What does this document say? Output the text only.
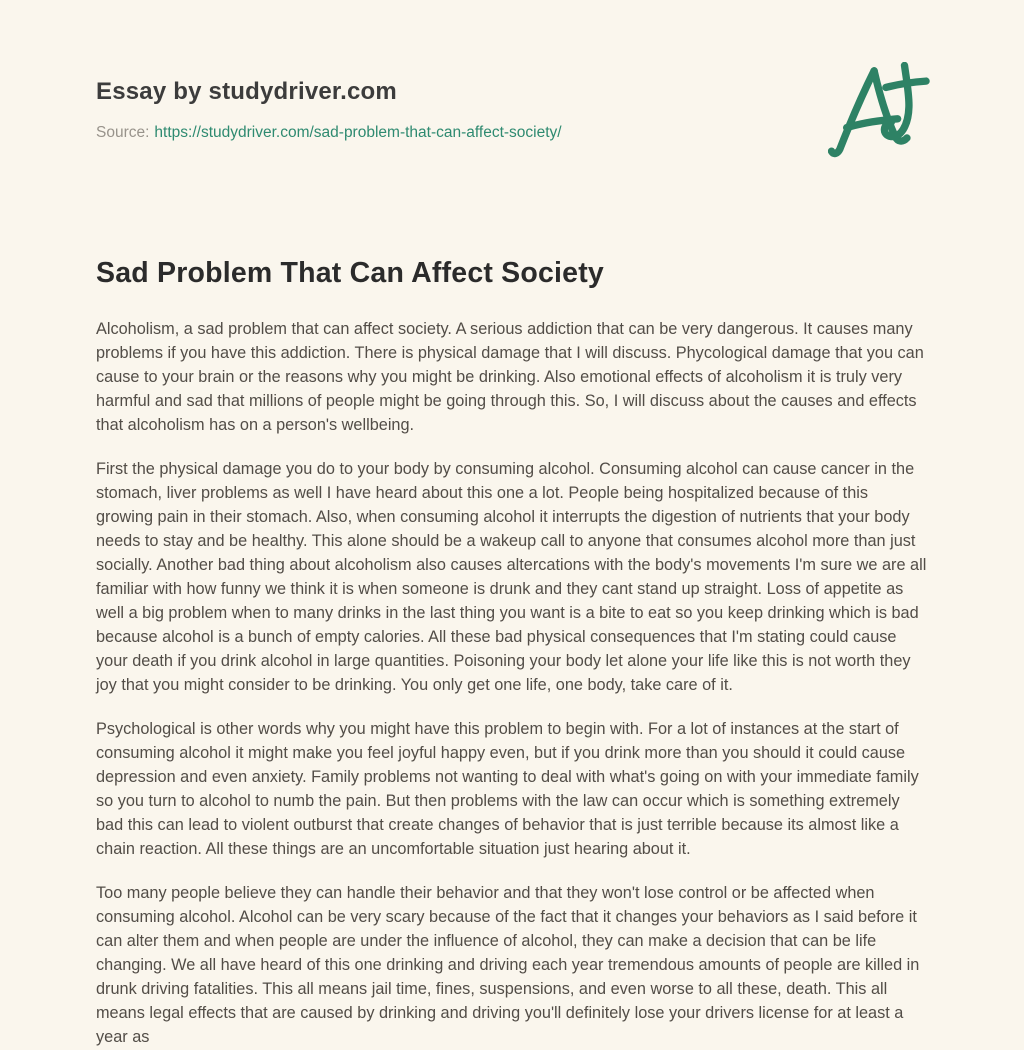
Essay by studydriver.com
Source: https://studydriver.com/sad-problem-that-can-affect-society/
Sad Problem That Can Affect Society

Alcoholism, a sad problem that can affect society. A serious addiction that can be very dangerous. It causes many problems if you have this addiction. There is physical damage that I will discuss. Phycological damage that you can cause to your brain or the reasons why you might be drinking. Also emotional effects of alcoholism it is truly very harmful and sad that millions of people might be going through this. So, I will discuss about the causes and effects that alcoholism has on a person's wellbeing.

First the physical damage you do to your body by consuming alcohol. Consuming alcohol can cause cancer in the stomach, liver problems as well I have heard about this one a lot. People being hospitalized because of this growing pain in their stomach. Also, when consuming alcohol it interrupts the digestion of nutrients that your body needs to stay and be healthy. This alone should be a wakeup call to anyone that consumes alcohol more than just socially. Another bad thing about alcoholism also causes altercations with the body's movements I'm sure we are all familiar with how funny we think it is when someone is drunk and they cant stand up straight. Loss of appetite as well a big problem when to many drinks in the last thing you want is a bite to eat so you keep drinking which is bad because alcohol is a bunch of empty calories. All these bad physical consequences that I'm stating could cause your death if you drink alcohol in large quantities. Poisoning your body let alone your life like this is not worth they joy that you might consider to be drinking. You only get one life, one body, take care of it.

Psychological is other words why you might have this problem to begin with. For a lot of instances at the start of consuming alcohol it might make you feel joyful happy even, but if you drink more than you should it could cause depression and even anxiety. Family problems not wanting to deal with what's going on with your immediate family so you turn to alcohol to numb the pain. But then problems with the law can occur which is something extremely bad this can lead to violent outburst that create changes of behavior that is just terrible because its almost like a chain reaction. All these things are an uncomfortable situation just hearing about it.

Too many people believe they can handle their behavior and that they won't lose control or be affected when consuming alcohol. Alcohol can be very scary because of the fact that it changes your behaviors as I said before it can alter them and when people are under the influence of alcohol, they can make a decision that can be life changing. We all have heard of this one drinking and driving each year tremendous amounts of people are killed in drunk driving fatalities. This all means jail time, fines, suspensions, and even worse to all these, death. This all means legal effects that are caused by drinking and driving you'll definitely lose your drivers license for at least a year as
